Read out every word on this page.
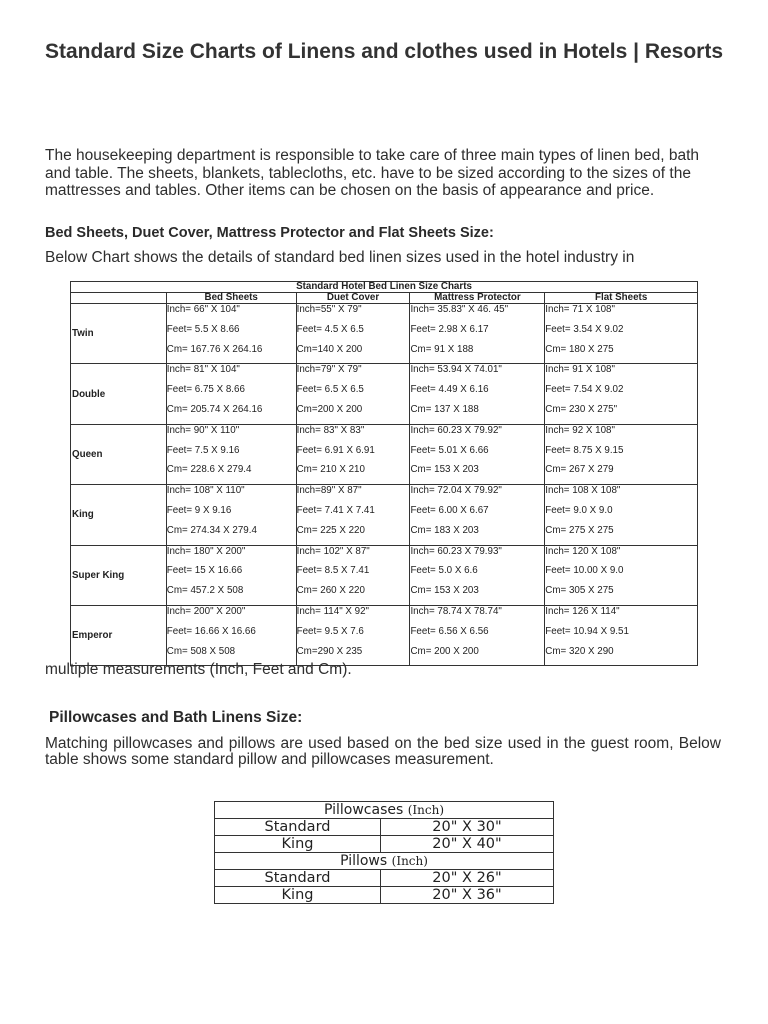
Standard Size Charts of Linens and clothes used in Hotels | Resorts

The housekeeping department is responsible to take care of three main types of linen bed, bath and table. The sheets, blankets, tablecloths, etc. have to be sized according to the sizes of the mattresses and tables. Other items can be chosen on the basis of appearance and price.

Bed Sheets, Duet Cover, Mattress Protector and Flat Sheets Size:

Below Chart shows the details of standard bed linen sizes used in the hotel industry in

Standard Hotel Bed Linen Size Charts				
	Bed Sheets	Duet Cover	Mattress Protector	Flat Sheets
Twin	Inch= 66" X 104"
Feet= 5.5 X 8.66
Cm= 167.76 X 264.16	Inch=55" X 79"
Feet= 4.5 X 6.5
Cm=140 X 200	Inch= 35.83" X 46. 45"
Feet= 2.98 X 6.17
Cm= 91 X 188	Inch= 71 X 108"
Feet= 3.54 X 9.02
Cm= 180 X 275

Double	Inch= 81" X 104"
Feet= 6.75 X 8.66
Cm= 205.74 X 264.16	Inch=79" X 79"
Feet= 6.5 X 6.5
Cm=200 X 200	Inch= 53.94 X 74.01"
Feet= 4.49 X 6.16
Cm= 137 X 188	Inch= 91 X 108"
Feet= 7.54 X 9.02
Cm= 230 X 275"

Queen	Inch= 90" X 110"
Feet= 7.5 X 9.16
Cm= 228.6 X 279.4	Inch= 83" X 83"
Feet= 6.91 X 6.91
Cm= 210 X 210	Inch= 60.23 X 79.92"
Feet= 5.01 X 6.66
Cm= 153 X 203	Inch= 92 X 108"
Feet= 8.75 X 9.15
Cm= 267 X 279

King	Inch= 108" X 110"
Feet= 9 X 9.16
Cm= 274.34 X 279.4	Inch=89" X 87"
Feet= 7.41 X 7.41
Cm= 225 X 220	Inch= 72.04 X 79.92"
Feet= 6.00 X 6.67
Cm= 183 X 203	Inch= 108 X 108"
Feet= 9.0 X 9.0
Cm= 275 X 275

Super King	Inch= 180" X 200"
Feet= 15 X 16.66
Cm= 457.2 X 508	Inch= 102" X 87"
Feet= 8.5 X 7.41
Cm= 260 X 220	Inch= 60.23 X 79.93"
Feet= 5.0 X 6.6
Cm= 153 X 203	Inch= 120 X 108"
Feet= 10.00 X 9.0
Cm= 305 X 275

Emperor	Inch= 200" X 200"
Feet= 16.66 X 16.66
Cm= 508 X 508	Inch= 114" X 92"
Feet= 9.5 X 7.6
Cm=290 X 235	Inch= 78.74 X 78.74"
Feet= 6.56 X 6.56
Cm= 200 X 200	Inch= 126 X 114"
Feet= 10.94 X 9.51
Cm= 320 X 290

multiple measurements (Inch, Feet and Cm).

Pillowcases and Bath Linens Size:

Matching pillowcases and pillows are used based on the bed size used in the guest room, Below table shows some standard pillow and pillowcases measurement.

Pillowcases (Inch)	
Standard	20" X 30"
King	20" X 40"
Pillows (Inch)	
Standard	20" X 26"
King	20" X 36"
